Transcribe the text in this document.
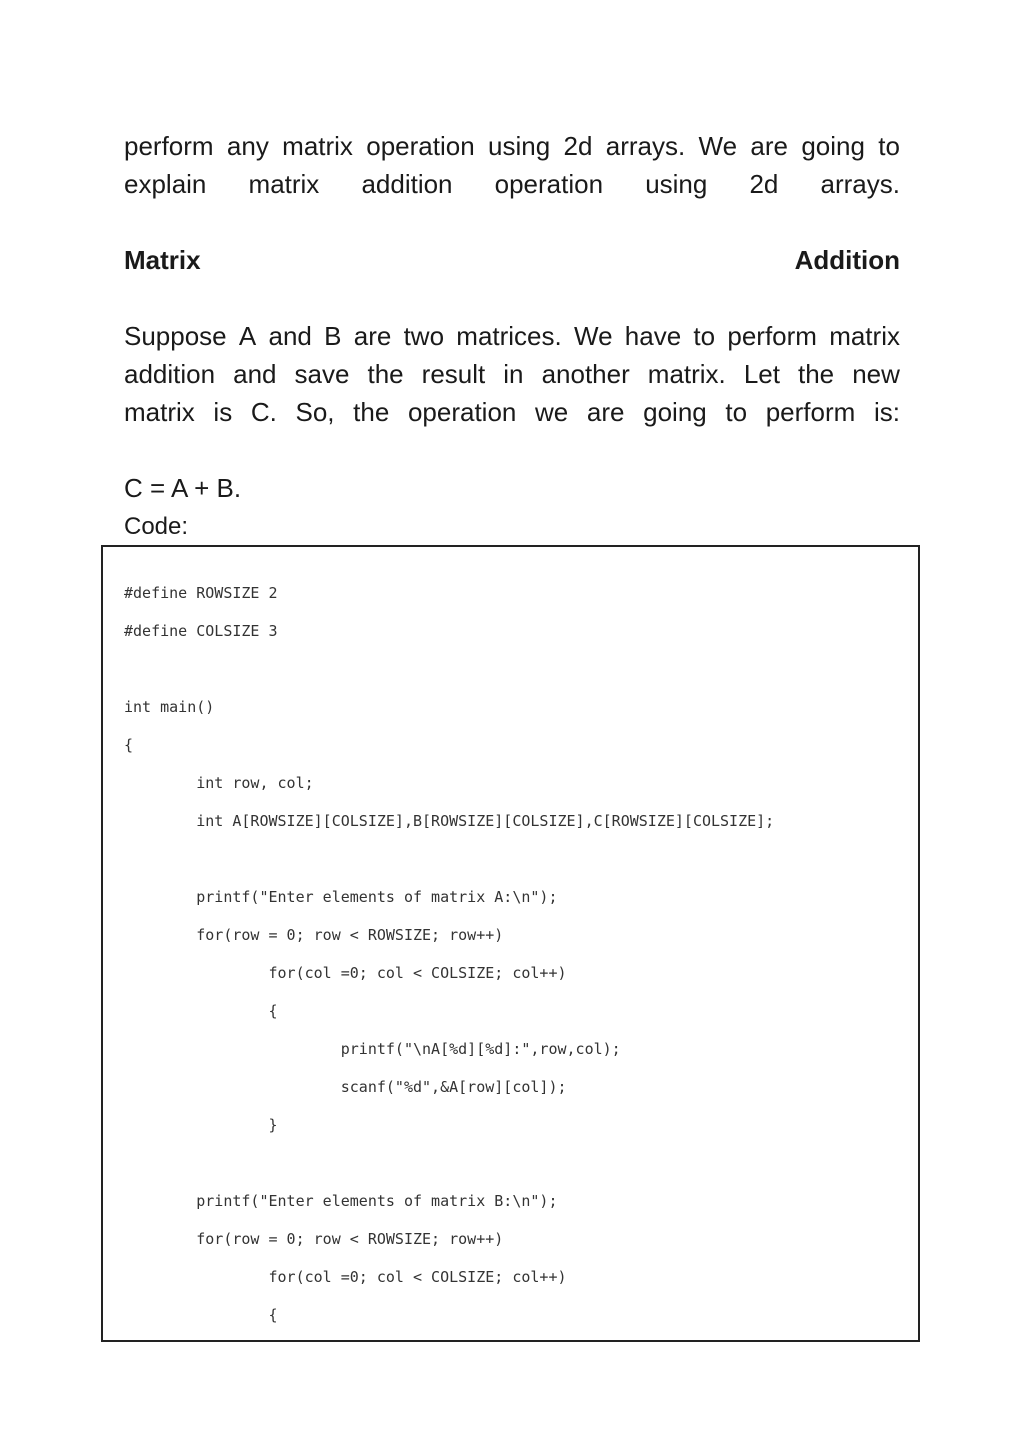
perform any matrix operation using 2d arrays. We are going to
explain matrix addition operation using 2d arrays.
Matrix	Addition
Suppose A and B are two matrices. We have to perform matrix
addition and save the result in another matrix. Let the new
matrix is C. So, the operation we are going to perform is:
C = A + B.
Code:
#define ROWSIZE 2
#define COLSIZE 3
int main()
{
int row, col;
int A[ROWSIZE][COLSIZE],B[ROWSIZE][COLSIZE],C[ROWSIZE][COLSIZE];
printf("Enter elements of matrix A:\n");
for(row = 0; row < ROWSIZE; row++)
for(col =0; col < COLSIZE; col++)
{
printf("\nA[%d][%d]:",row,col);
scanf("%d",&A[row][col]);
}
printf("Enter elements of matrix B:\n");
for(row = 0; row < ROWSIZE; row++)
for(col =0; col < COLSIZE; col++)
{
